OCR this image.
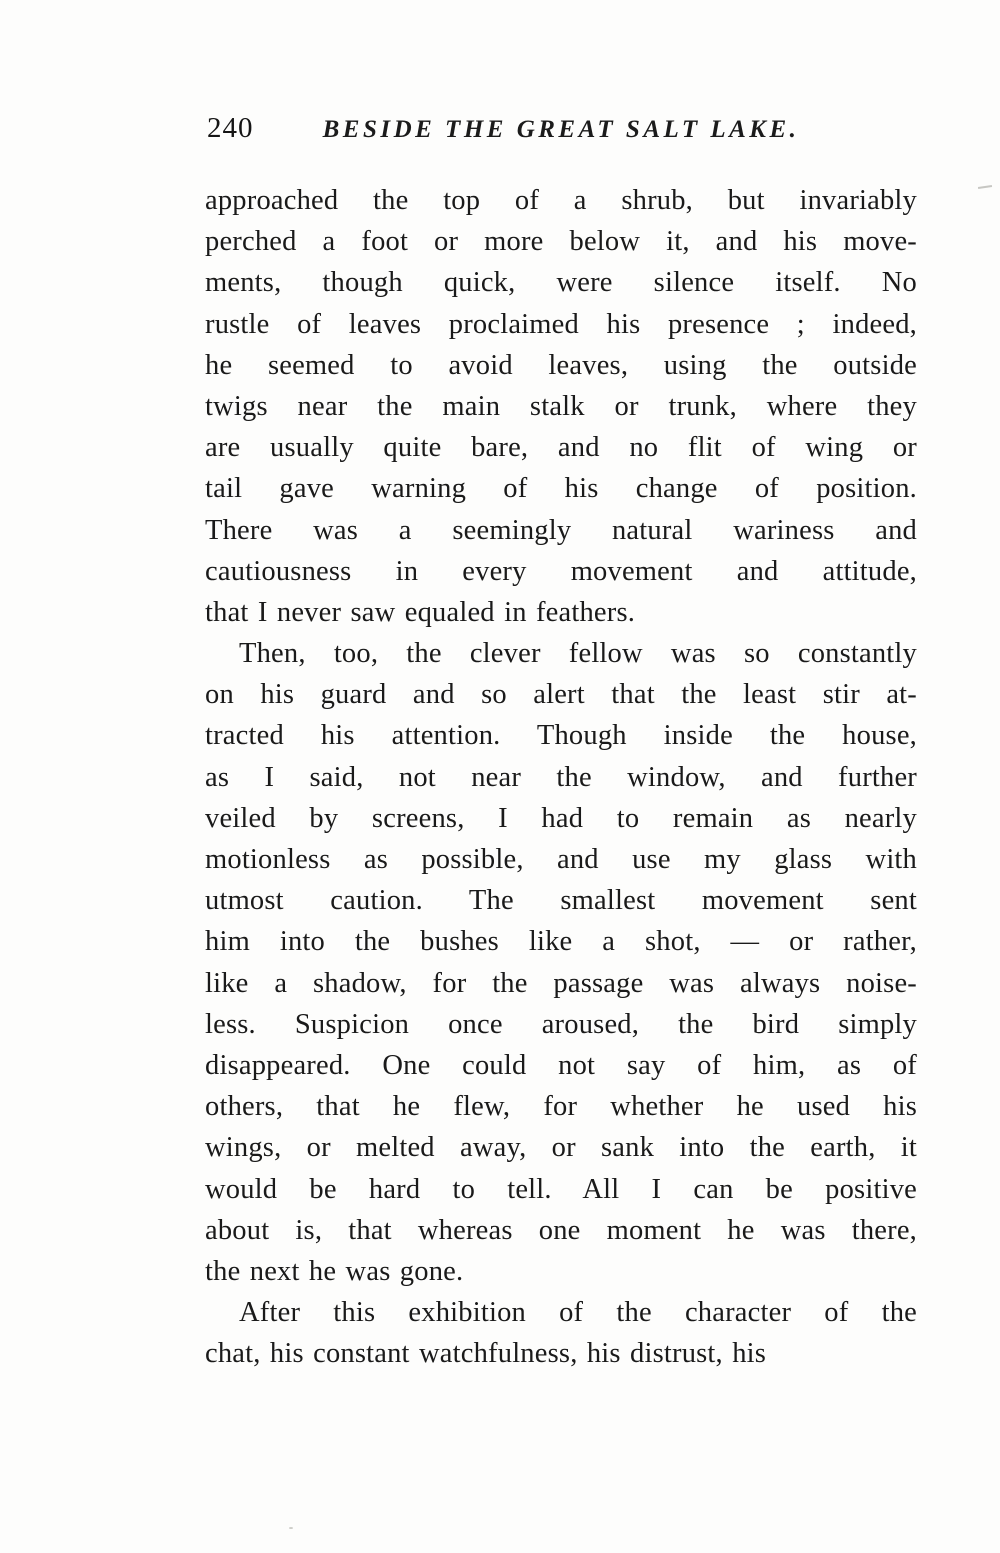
240	BESIDE THE GREAT SALT LAKE.
approached the top of a shrub, but invariably
perched a foot or more below it, and his move-
ments, though quick, were silence itself. No
rustle of leaves proclaimed his presence ; indeed,
he seemed to avoid leaves, using the outside
twigs near the main stalk or trunk, where they
are usually quite bare, and no flit of wing or
tail gave warning of his change of position.
There was a seemingly natural wariness and
cautiousness in every movement and attitude,
that I never saw equaled in feathers.
Then, too, the clever fellow was so constantly
on his guard and so alert that the least stir at-
tracted his attention. Though inside the house,
as I said, not near the window, and further
veiled by screens, I had to remain as nearly
motionless as possible, and use my glass with
utmost caution. The smallest movement sent
him into the bushes like a shot, — or rather,
like a shadow, for the passage was always noise-
less. Suspicion once aroused, the bird simply
disappeared. One could not say of him, as of
others, that he flew, for whether he used his
wings, or melted away, or sank into the earth, it
would be hard to tell. All I can be positive
about is, that whereas one moment he was there,
the next he was gone.
After this exhibition of the character of the
chat, his constant watchfulness, his distrust, his
